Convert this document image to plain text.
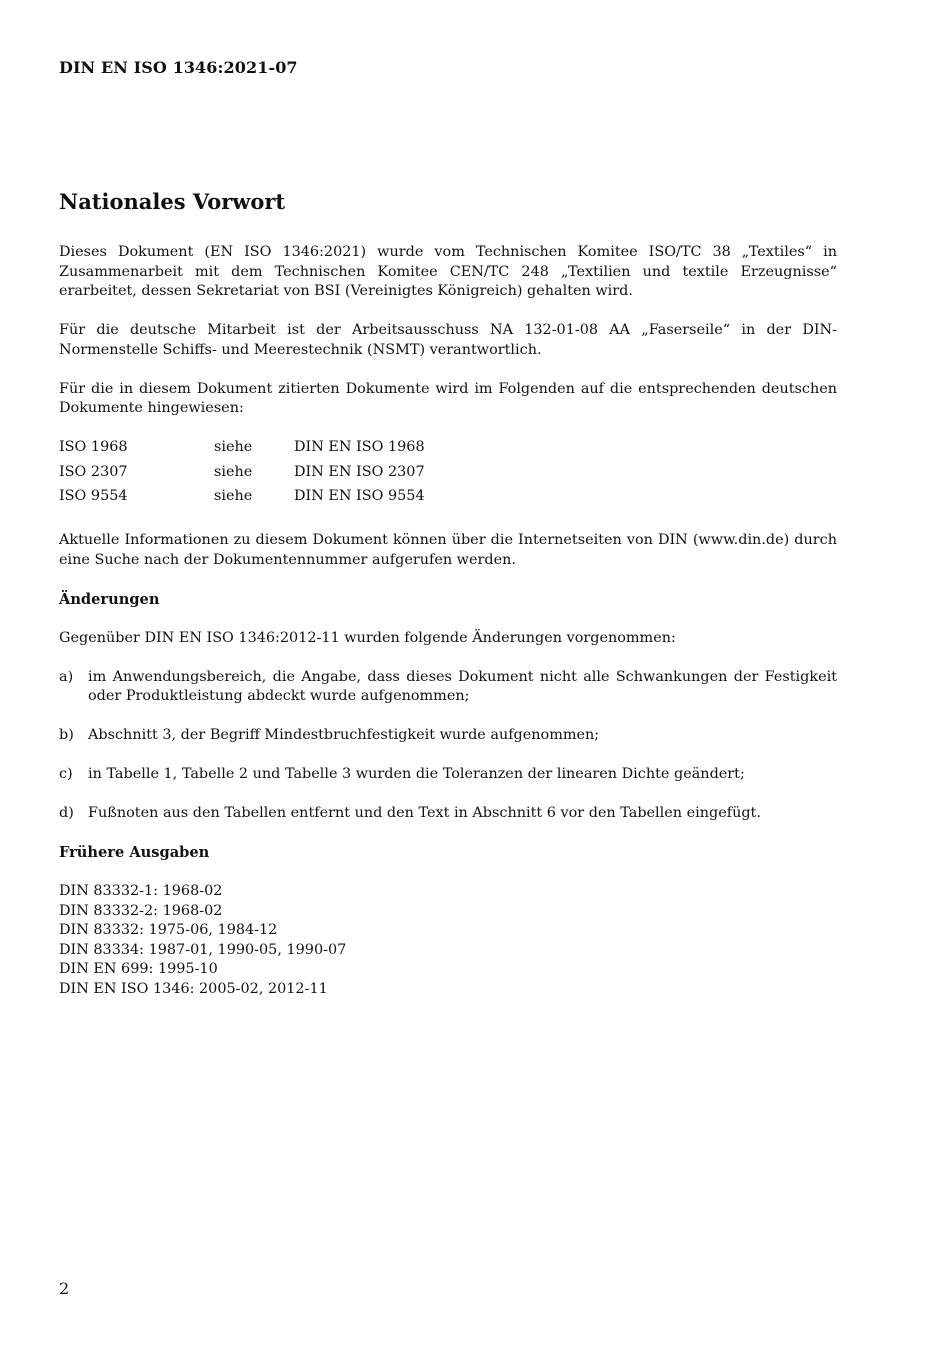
DIN EN ISO 1346:2021-07
Nationales Vorwort

Dieses Dokument (EN ISO 1346:2021) wurde vom Technischen Komitee ISO/TC 38 „Textiles“ in Zusammenarbeit mit dem Technischen Komitee CEN/TC 248 „Textilien und textile Erzeugnisse“ erarbeitet, dessen Sekretariat von BSI (Vereinigtes Königreich) gehalten wird.

Für die deutsche Mitarbeit ist der Arbeitsausschuss NA 132-01-08 AA „Faserseile“ in der DIN-Normenstelle Schiffs- und Meerestechnik (NSMT) verantwortlich.

Für die in diesem Dokument zitierten Dokumente wird im Folgenden auf die entsprechenden deutschen Dokumente hingewiesen:

ISO 1968	siehe	DIN EN ISO 1968
ISO 2307	siehe	DIN EN ISO 2307
ISO 9554	siehe	DIN EN ISO 9554

Aktuelle Informationen zu diesem Dokument können über die Internetseiten von DIN (www.din.de) durch eine Suche nach der Dokumentennummer aufgerufen werden.

Änderungen

Gegenüber DIN EN ISO 1346:2012-11 wurden folgende Änderungen vorgenommen:

a) im Anwendungsbereich, die Angabe, dass dieses Dokument nicht alle Schwankungen der Festigkeit oder Produktleistung abdeckt wurde aufgenommen;
b) Abschnitt 3, der Begriff Mindestbruchfestigkeit wurde aufgenommen;
c) in Tabelle 1, Tabelle 2 und Tabelle 3 wurden die Toleranzen der linearen Dichte geändert;
d) Fußnoten aus den Tabellen entfernt und den Text in Abschnitt 6 vor den Tabellen eingefügt.
Frühere Ausgaben
DIN 83332-1: 1968-02
DIN 83332-2: 1968-02
DIN 83332: 1975-06, 1984-12
DIN 83334: 1987-01, 1990-05, 1990-07
DIN EN 699: 1995-10
DIN EN ISO 1346: 2005-02, 2012-11
2
